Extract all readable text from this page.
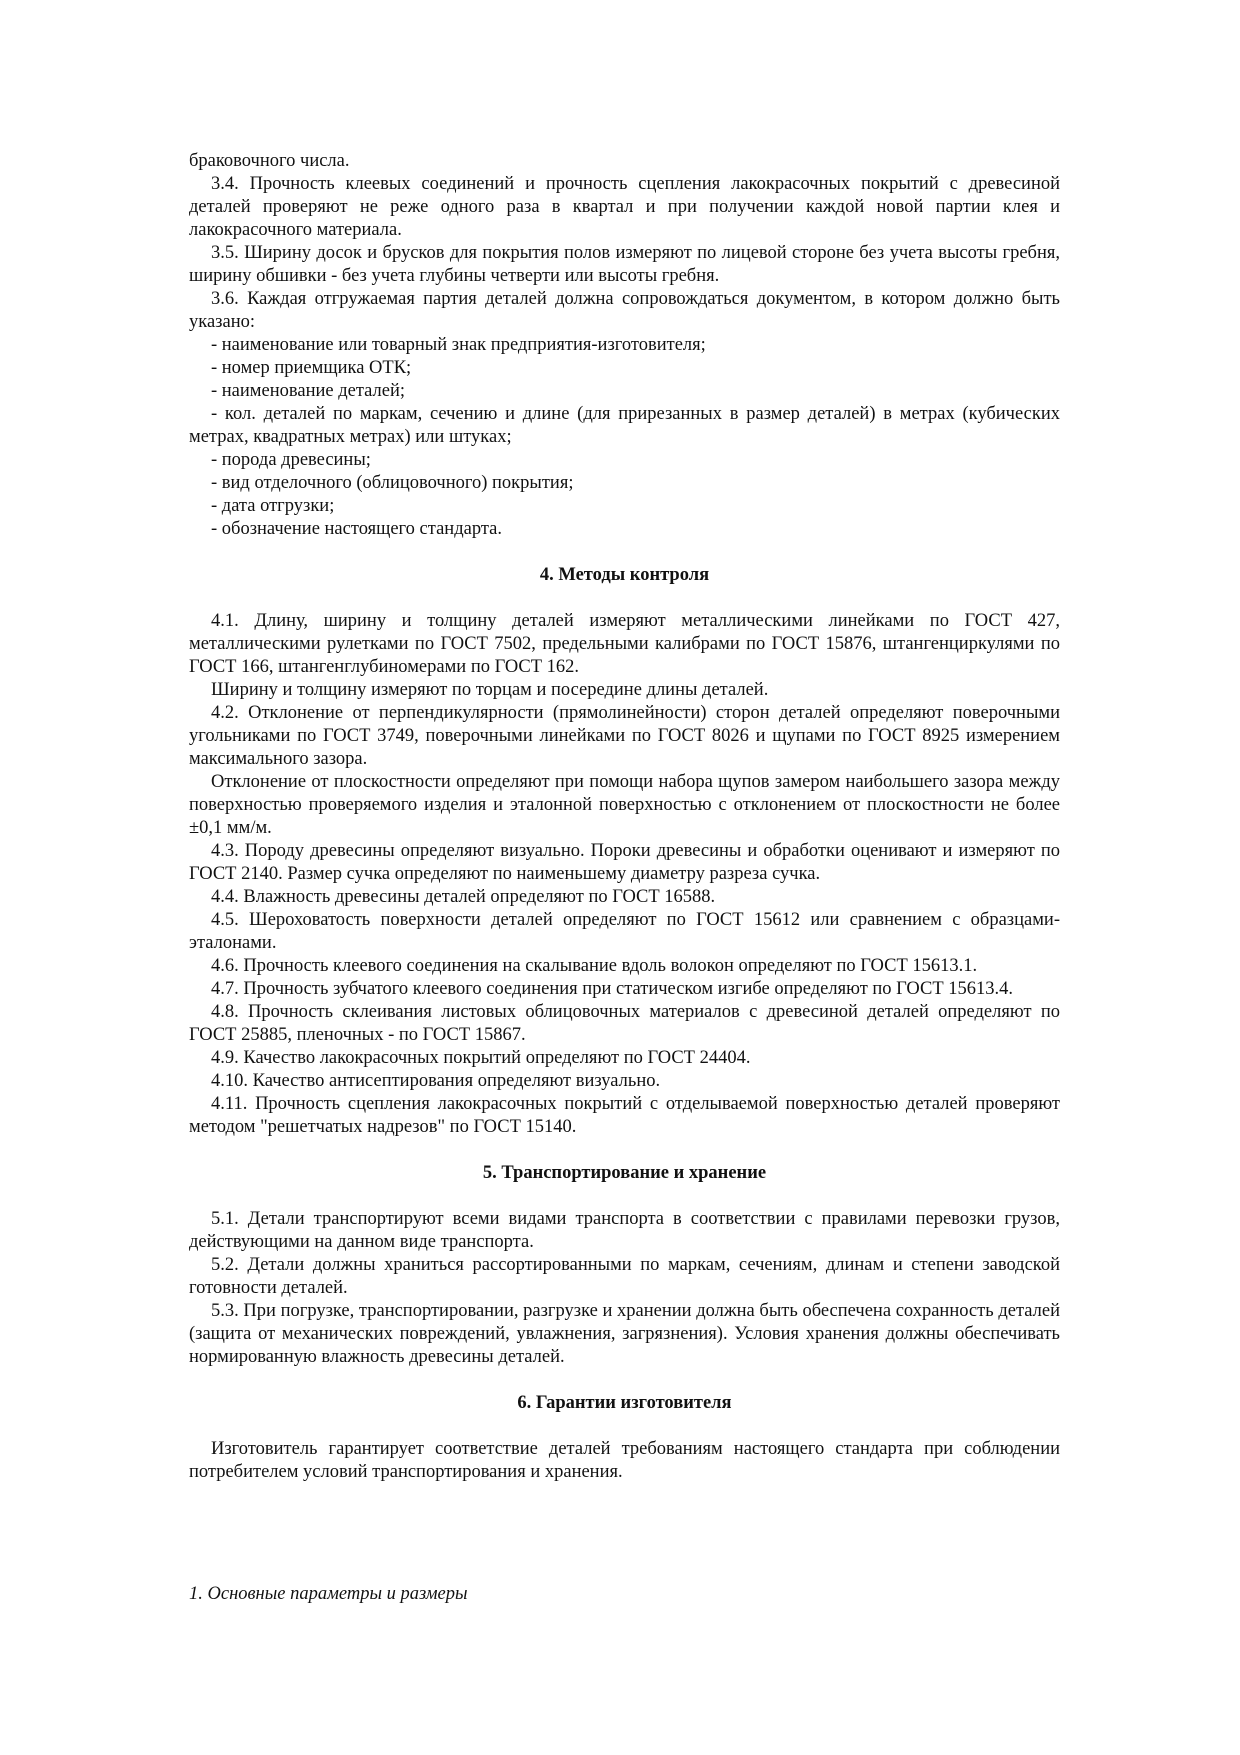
браковочного числа.

3.4. Прочность клеевых соединений и прочность сцепления лакокрасочных покрытий с древесиной деталей проверяют не реже одного раза в квартал и при получении каждой новой партии клея и лакокрасочного материала.

3.5. Ширину досок и брусков для покрытия полов измеряют по лицевой стороне без учета высоты гребня, ширину обшивки - без учета глубины четверти или высоты гребня.

3.6. Каждая отгружаемая партия деталей должна сопровождаться документом, в котором должно быть указано:

- наименование или товарный знак предприятия-изготовителя;

- номер приемщика ОТК;

- наименование деталей;

- кол. деталей по маркам, сечению и длине (для прирезанных в размер деталей) в метрах (кубических метрах, квадратных метрах) или штуках;

- порода древесины;

- вид отделочного (облицовочного) покрытия;

- дата отгрузки;

- обозначение настоящего стандарта.

4. Методы контроля

4.1. Длину, ширину и толщину деталей измеряют металлическими линейками по ГОСТ 427, металлическими рулетками по ГОСТ 7502, предельными калибрами по ГОСТ 15876, штангенциркулями по ГОСТ 166, штангенглубиномерами по ГОСТ 162.

Ширину и толщину измеряют по торцам и посередине длины деталей.

4.2. Отклонение от перпендикулярности (прямолинейности) сторон деталей определяют поверочными угольниками по ГОСТ 3749, поверочными линейками по ГОСТ 8026 и щупами по ГОСТ 8925 измерением максимального зазора.

Отклонение от плоскостности определяют при помощи набора щупов замером наибольшего зазора между поверхностью проверяемого изделия и эталонной поверхностью с отклонением от плоскостности не более ±0,1 мм/м.

4.3. Породу древесины определяют визуально. Пороки древесины и обработки оценивают и измеряют по ГОСТ 2140. Размер сучка определяют по наименьшему диаметру разреза сучка.

4.4. Влажность древесины деталей определяют по ГОСТ 16588.

4.5. Шероховатость поверхности деталей определяют по ГОСТ 15612 или сравнением с образцами-эталонами.

4.6. Прочность клеевого соединения на скалывание вдоль волокон определяют по ГОСТ 15613.1.

4.7. Прочность зубчатого клеевого соединения при статическом изгибе определяют по ГОСТ 15613.4.

4.8. Прочность склеивания листовых облицовочных материалов с древесиной деталей определяют по ГОСТ 25885, пленочных - по ГОСТ 15867.

4.9. Качество лакокрасочных покрытий определяют по ГОСТ 24404.

4.10. Качество антисептирования определяют визуально.

4.11. Прочность сцепления лакокрасочных покрытий с отделываемой поверхностью деталей проверяют методом "решетчатых надрезов" по ГОСТ 15140.

5. Транспортирование и хранение

5.1. Детали транспортируют всеми видами транспорта в соответствии с правилами перевозки грузов, действующими на данном виде транспорта.

5.2. Детали должны храниться рассортированными по маркам, сечениям, длинам и степени заводской готовности деталей.

5.3. При погрузке, транспортировании, разгрузке и хранении должна быть обеспечена сохранность деталей (защита от механических повреждений, увлажнения, загрязнения). Условия хранения должны обеспечивать нормированную влажность древесины деталей.

6. Гарантии изготовителя

Изготовитель гарантирует соответствие деталей требованиям настоящего стандарта при соблюдении потребителем условий транспортирования и хранения.

1. Основные параметры и размеры
